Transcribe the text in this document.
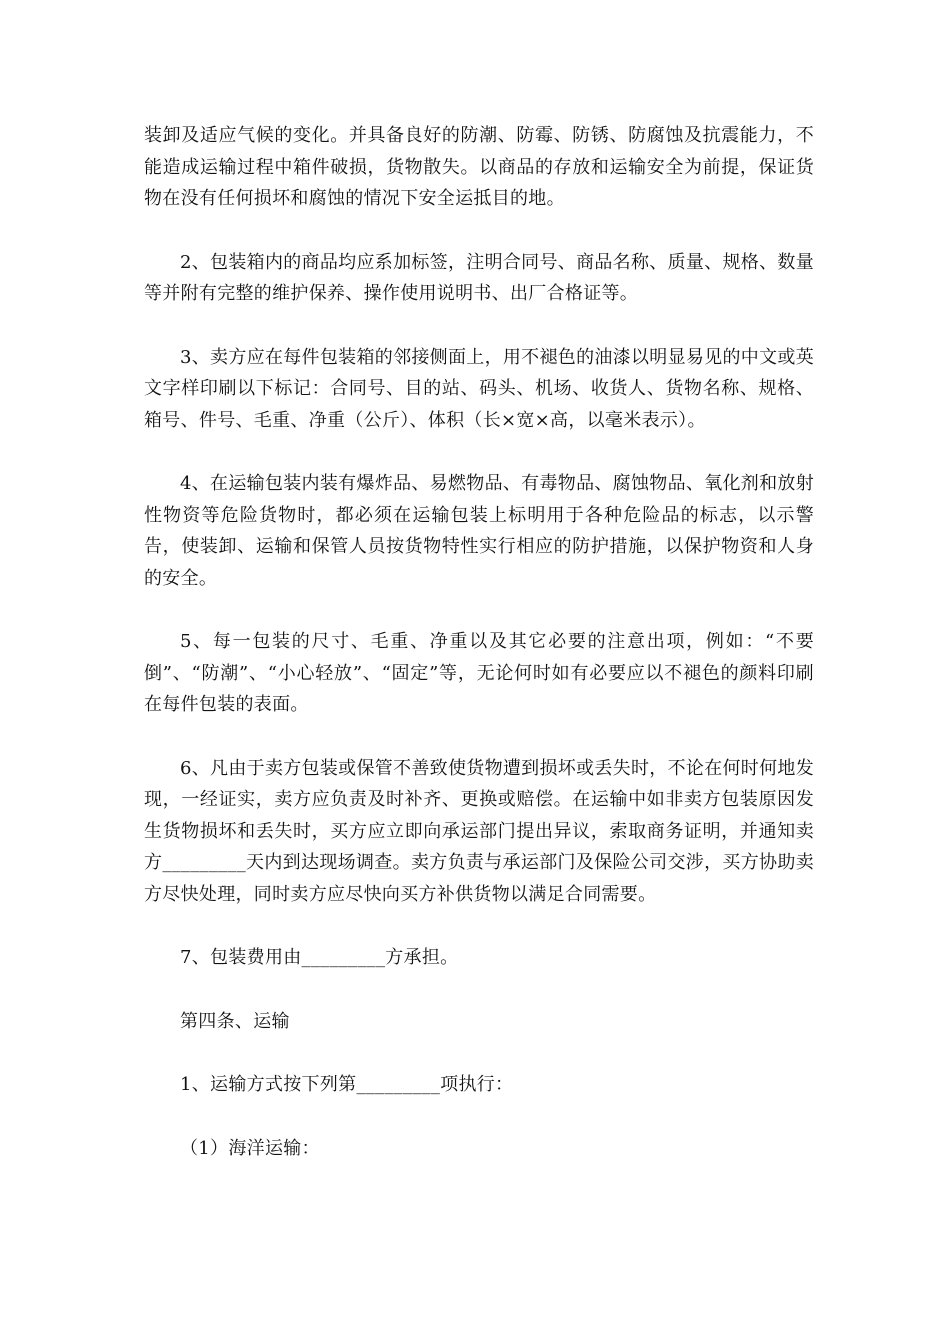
装卸及适应气候的变化。并具备良好的防潮、防霉、防锈、防腐蚀及抗震能力，不能造成运输过程中箱件破损，货物散失。以商品的存放和运输安全为前提，保证货物在没有任何损坏和腐蚀的情况下安全运抵目的地。

2、包装箱内的商品均应系加标签，注明合同号、商品名称、质量、规格、数量等并附有完整的维护保养、操作使用说明书、出厂合格证等。

3、卖方应在每件包装箱的邻接侧面上，用不褪色的油漆以明显易见的中文或英文字样印刷以下标记：合同号、目的站、码头、机场、收货人、货物名称、规格、箱号、件号、毛重、净重（公斤）、体积（长×宽×高，以毫米表示）。

4、在运输包装内装有爆炸品、易燃物品、有毒物品、腐蚀物品、氧化剂和放射性物资等危险货物时，都必须在运输包装上标明用于各种危险品的标志，以示警告，使装卸、运输和保管人员按货物特性实行相应的防护措施，以保护物资和人身的安全。

5、每一包装的尺寸、毛重、净重以及其它必要的注意出项，例如：“不要倒”、“防潮”、“小心轻放”、“固定”等，无论何时如有必要应以不褪色的颜料印刷在每件包装的表面。

6、凡由于卖方包装或保管不善致使货物遭到损坏或丢失时，不论在何时何地发现，一经证实，卖方应负责及时补齐、更换或赔偿。在运输中如非卖方包装原因发生货物损坏和丢失时，买方应立即向承运部门提出异议，索取商务证明，并通知卖方_________天内到达现场调查。卖方负责与承运部门及保险公司交涉，买方协助卖方尽快处理，同时卖方应尽快向买方补供货物以满足合同需要。

7、包装费用由_________方承担。

第四条、运输

1、运输方式按下列第_________项执行：

（1）海洋运输：
